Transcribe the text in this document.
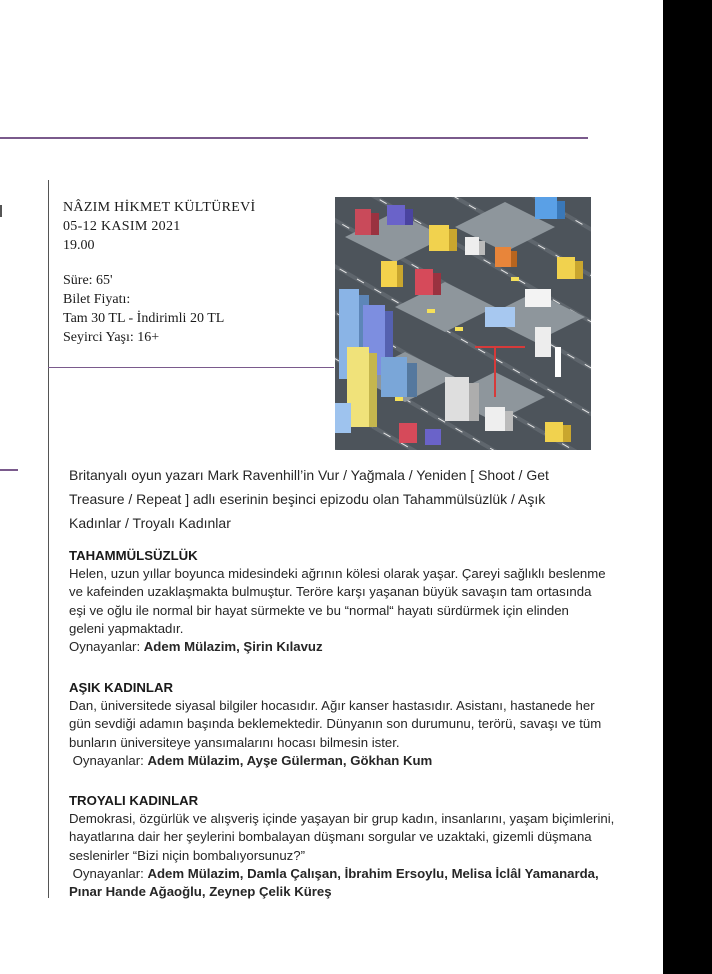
NÂZIM HİKMET KÜLTÜREVİ
05-12 KASIM 2021
19.00
Süre: 65'
Bilet Fiyatı:
Tam 30 TL - İndirimli 20 TL
Seyirci Yaşı: 16+
Britanyalı oyun yazarı Mark Ravenhill’in Vur / Yağmala / Yeniden [ Shoot / Get
Treasure / Repeat ] adlı eserinin beşinci epizodu olan Tahammülsüzlük / Aşık
Kadınlar / Troyalı Kadınlar
TAHAMMÜLSÜZLÜK
Helen, uzun yıllar boyunca midesindeki ağrının kölesi olarak yaşar. Çareyi sağlıklı beslenme
ve kafeinden uzaklaşmakta bulmuştur. Teröre karşı yaşanan büyük savaşın tam ortasında
eşi ve oğlu ile normal bir hayat sürmekte ve bu “normal“ hayatı sürdürmek için elinden
geleni yapmaktadır.
Oynayanlar: Adem Mülazim, Şirin Kılavuz
AŞIK KADINLAR
Dan, üniversitede siyasal bilgiler hocasıdır. Ağır kanser hastasıdır. Asistanı, hastanede her
gün sevdiği adamın başında beklemektedir. Dünyanın son durumunu, terörü, savaşı ve tüm
bunların üniversiteye yansımalarını hocası bilmesin ister.
Oynayanlar: Adem Mülazim, Ayşe Gülerman, Gökhan Kum
TROYALI KADINLAR
Demokrasi, özgürlük ve alışveriş içinde yaşayan bir grup kadın, insanlarını, yaşam biçimlerini,
hayatlarına dair her şeylerini bombalayan düşmanı sorgular ve uzaktaki, gizemli düşmana
seslenirler “Bizi niçin bombalıyorsunuz?”
Oynayanlar: Adem Mülazim, Damla Çalışan, İbrahim Ersoylu, Melisa İclâl Yamanarda,
Pınar Hande Ağaoğlu, Zeynep Çelik Küreş
